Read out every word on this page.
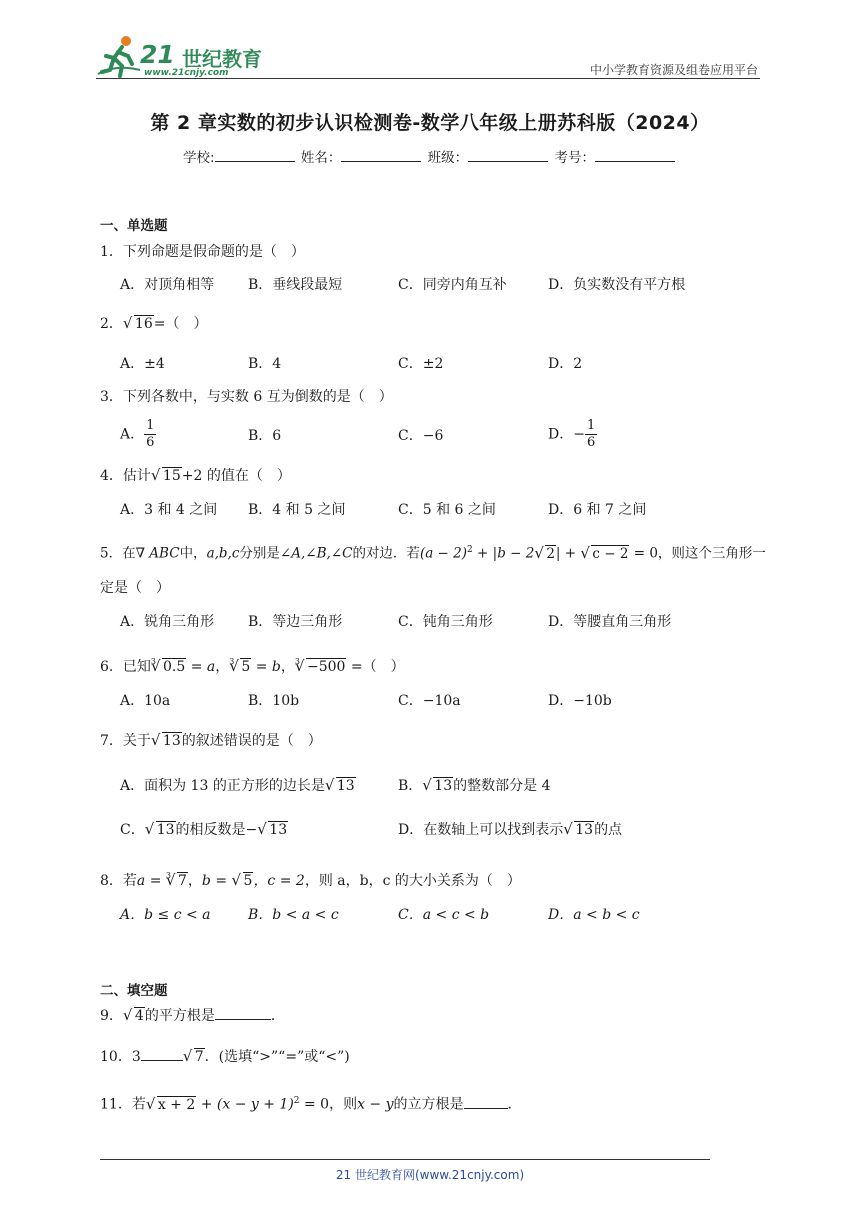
21 世纪教育
www.21cnjy.com	中小学教育资源及组卷应用平台
第 2 章实数的初步认识检测卷-数学八年级上册苏科版（2024）
学校:	姓名：	班级：	考号：
一、单选题
1．下列命题是假命题的是（　）
A．对顶角相等 B．垂线段最短	C．同旁内角互补	D．负实数没有平方根
2．√ 16=（　）
A．±4	B．4	C．±2	D．2
3．下列各数中，与实数 6 互为倒数的是（　）
A． $\frac{1}{6}$	B．6	C．−6	D．− $\frac{1}{6}$
4．估计√ 15+2 的值在（　）
A．3 和 4 之间 B．4 和 5 之间	C．5 和 6 之间	D．6 和 7 之间
5．在∇ ABC中，a,b,c分别是∠A,∠B,∠C的对边．若$(a - 2)^2 + |b - 2√$ 2| + √ c − 2 = 0，则这个三角形一
定是（　）
A．锐角三角形 B．等边三角形	C．钝角三角形	D．等腰直角三角形
6．已知$^3$√ 0.5 = a，$^3$√ 5 = b，$^3$√ −500 =（　）
A．10a	B．10b	C．−10a	D．−10b
7．关于√ 13的叙述错误的是（　）
A．面积为 13 的正方形的边长是√ 13	B．√ 13的整数部分是 4
C．√ 13的相反数是−√ 13	D．在数轴上可以找到表示√ 13的点
8．若a = $^3$√ 7，b = √ 5，c = 2，则 a，b，c 的大小关系为（　）
A．b ≤ c < a	B．b < a < c	C．a < c < b	D．a < b < c
二、填空题
9．√ 4的平方根是	．
10．3√	7．(选填“>”“=”或“<”)
11．若√ $x + 2 + (x - y + 1)^2 = 0$，则x − y的立方根是	．
21 世纪教育网(www.21cnjy.com)
